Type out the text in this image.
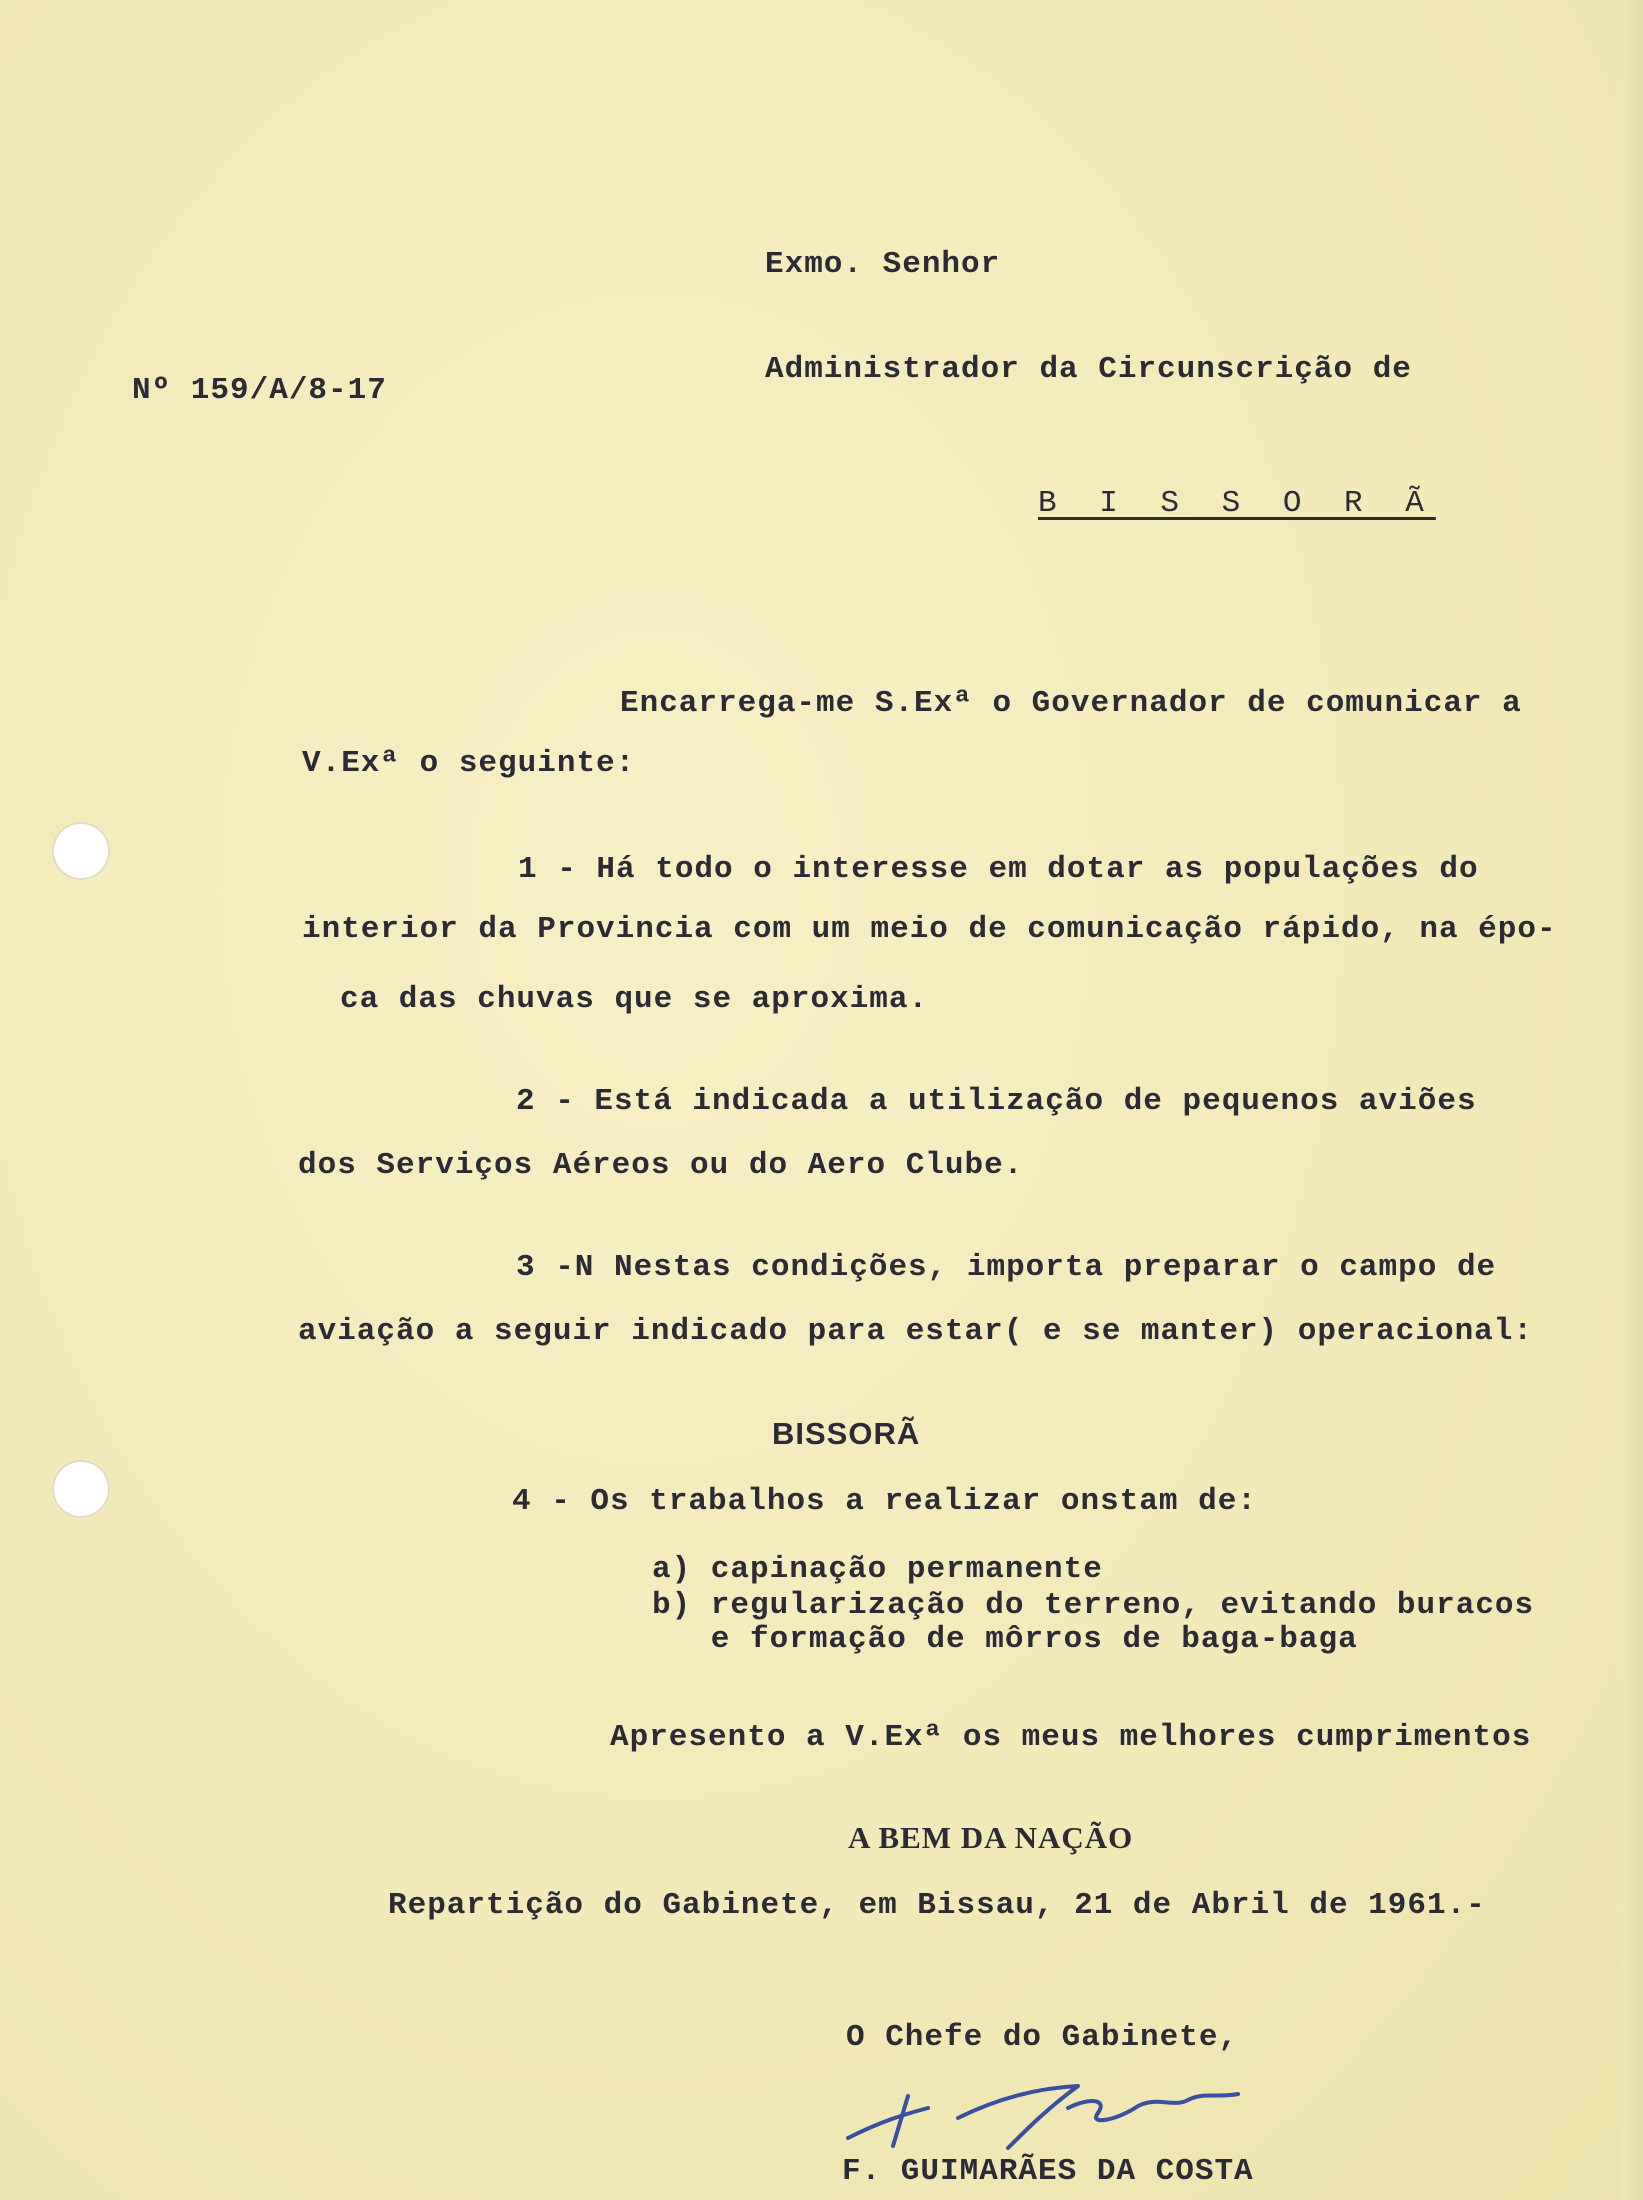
Exmo. Senhor
Nº 159/A/8-17
Administrador da Circunscrição de
B I S S O R Ã
Encarrega-me S.Exª o Governador de comunicar a
V.Exª o seguinte:
1 - Há todo o interesse em dotar as populações do
interior da Provincia com um meio de comunicação rápido, na épo-
ca das chuvas que se aproxima.
2 - Está indicada a utilização de pequenos aviões
dos Serviços Aéreos ou do Aero Clube.
3 -N Nestas condições, importa preparar o campo de
aviação a seguir indicado para estar( e se manter) operacional:
BISSORÃ
4 - Os trabalhos a realizar onstam de:
a) capinação permanente
b) regularização do terreno, evitando buracos
e formação de môrros de baga-baga
Apresento a V.Exª os meus melhores cumprimentos
A BEM DA NAÇÃO
Repartição do Gabinete, em Bissau, 21 de Abril de 1961.-
O Chefe do Gabinete,
F. GUIMARÃES DA COSTA
